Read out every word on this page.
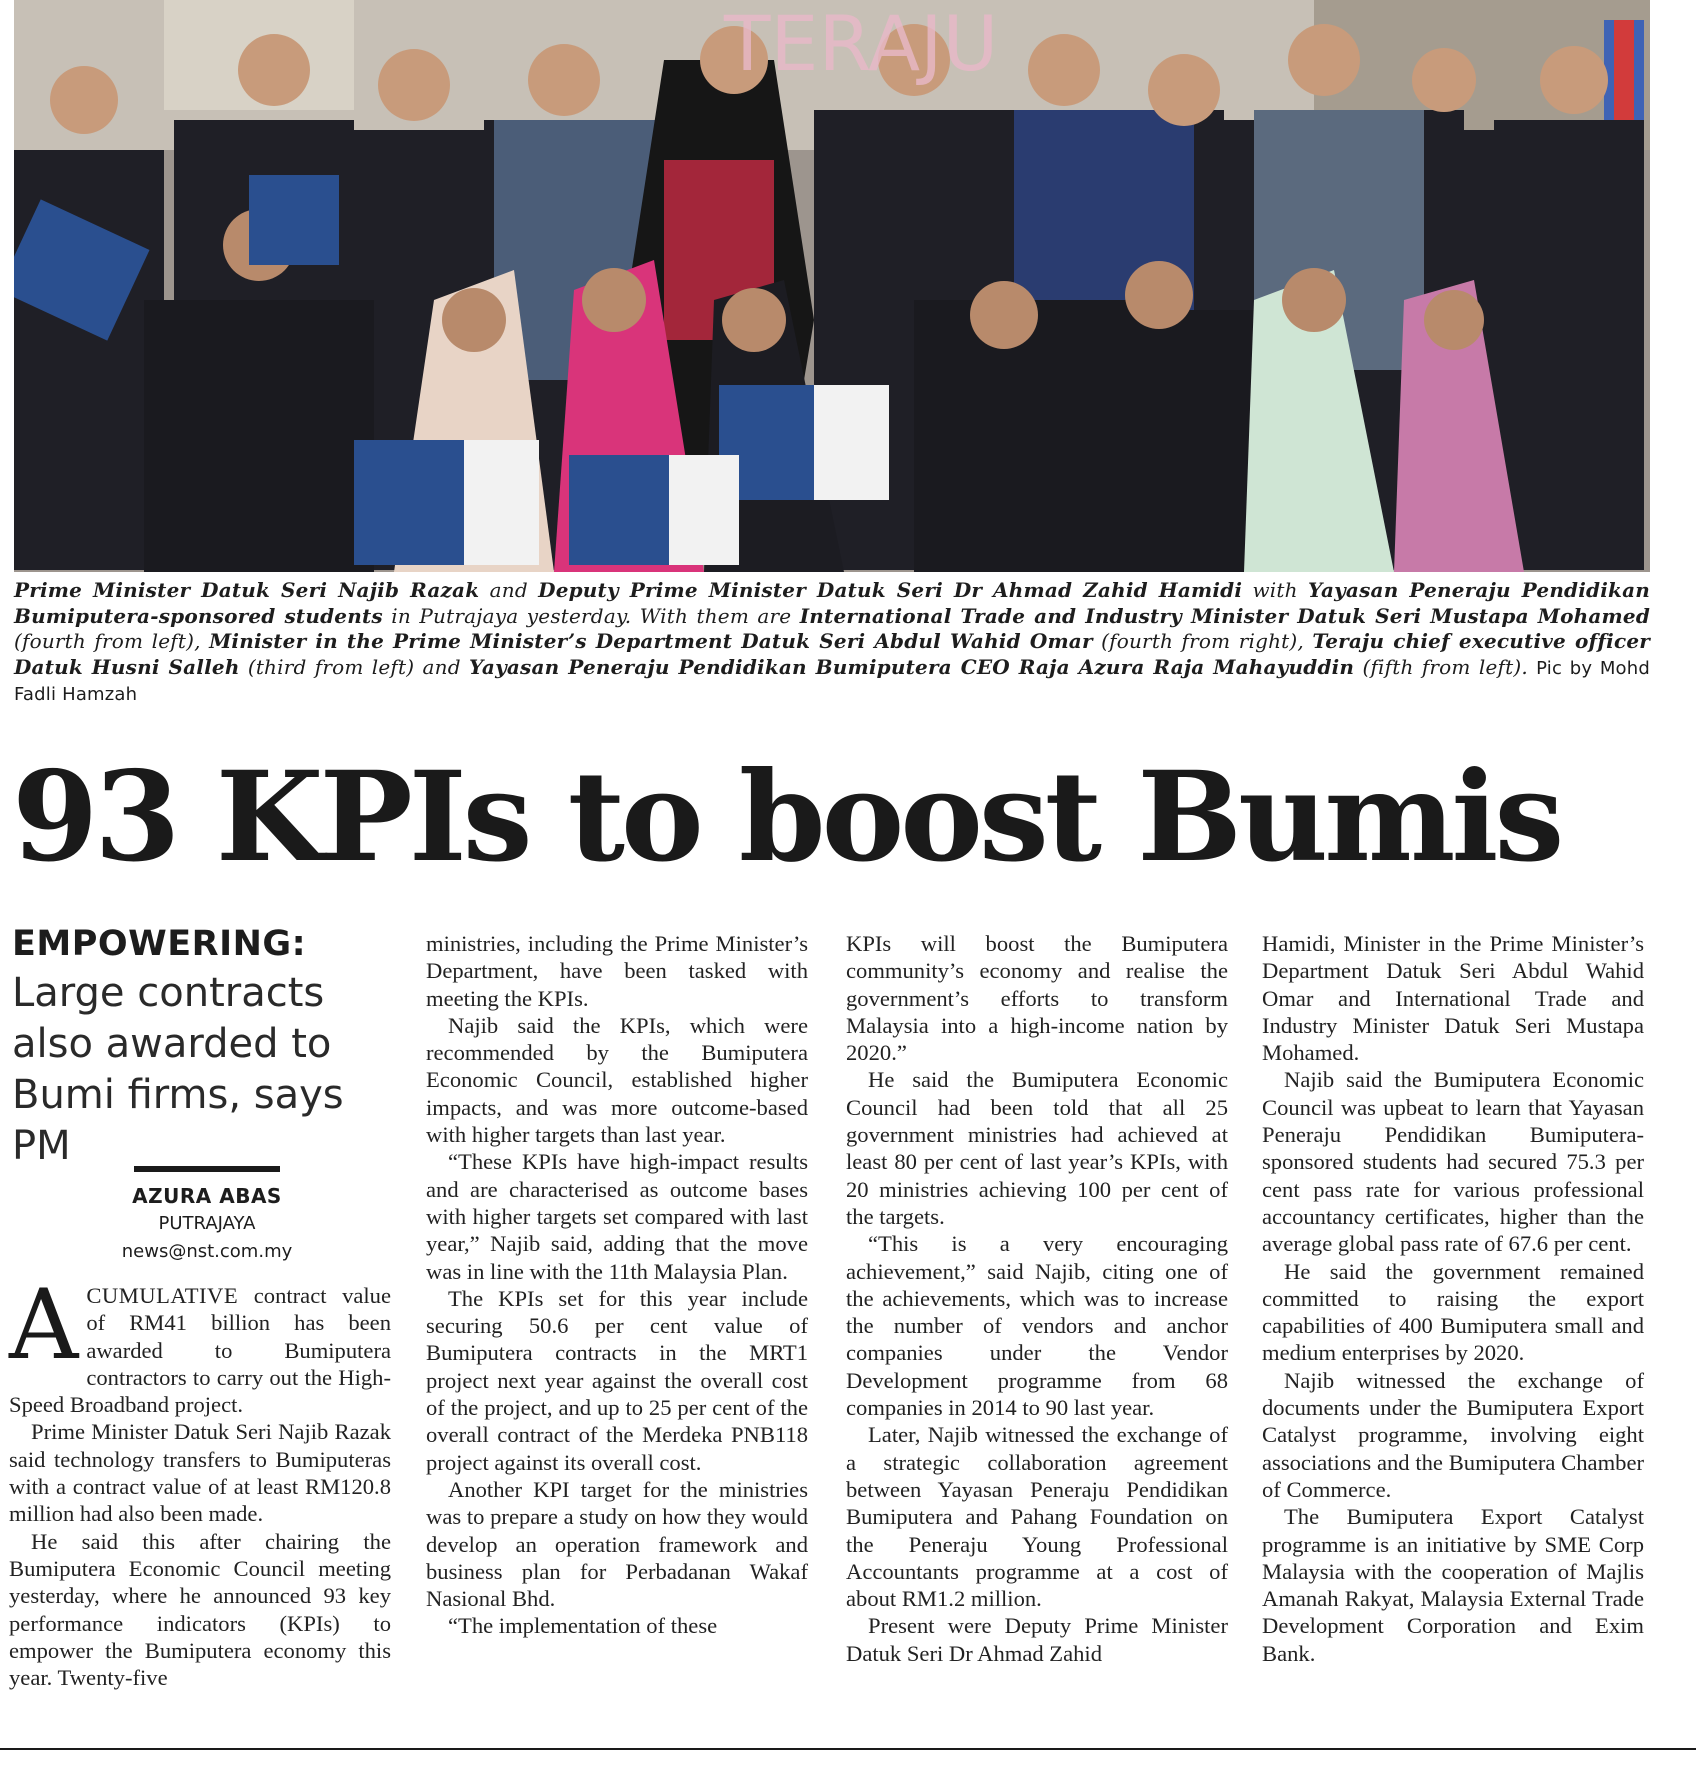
TERAJU
Prime Minister Datuk Seri Najib Razak and Deputy Prime Minister Datuk Seri Dr Ahmad Zahid Hamidi with Yayasan Peneraju Pendidikan Bumiputera-sponsored students in Putrajaya yesterday. With them are International Trade and Industry Minister Datuk Seri Mustapa Mohamed (fourth from left), Minister in the Prime Minister’s Department Datuk Seri Abdul Wahid Omar (fourth from right), Teraju chief executive officer Datuk Husni Salleh (third from left) and Yayasan Peneraju Pendidikan Bumiputera CEO Raja Azura Raja Mahayuddin (fifth from left). Pic by Mohd Fadli Hamzah
93 KPIs to boost Bumis
EMPOWERING:
Large contracts also awarded to Bumi firms, says PM
AZURA ABAS
PUTRAJAYA
news@nst.com.my

ACUMULATIVE contract value of RM41 billion has been awarded to Bumiputera contractors to carry out the High-Speed Broadband project.

Prime Minister Datuk Seri Najib Razak said technology transfers to Bumiputeras with a contract value of at least RM120.8 million had also been made.

He said this after chairing the Bumiputera Economic Council meeting yesterday, where he announced 93 key performance indicators (KPIs) to empower the Bumiputera economy this year. Twenty-five

ministries, including the Prime Minister’s Department, have been tasked with meeting the KPIs.

Najib said the KPIs, which were recommended by the Bumiputera Economic Council, established higher impacts, and was more outcome-based with higher targets than last year.

“These KPIs have high-impact results and are characterised as outcome bases with higher targets set compared with last year,” Najib said, adding that the move was in line with the 11th Malaysia Plan.

The KPIs set for this year include securing 50.6 per cent value of Bumiputera contracts in the MRT1 project next year against the overall cost of the project, and up to 25 per cent of the overall contract of the Merdeka PNB118 project against its overall cost.

Another KPI target for the ministries was to prepare a study on how they would develop an operation framework and business plan for Perbadanan Wakaf Nasional Bhd.

“The implementation of these

KPIs will boost the Bumiputera community’s economy and realise the government’s efforts to transform Malaysia into a high-income nation by 2020.”

He said the Bumiputera Economic Council had been told that all 25 government ministries had achieved at least 80 per cent of last year’s KPIs, with 20 ministries achieving 100 per cent of the targets.

“This is a very encouraging achievement,” said Najib, citing one of the achievements, which was to increase the number of vendors and anchor companies under the Vendor Development programme from 68 companies in 2014 to 90 last year.

Later, Najib witnessed the exchange of a strategic collaboration agreement between Yayasan Peneraju Pendidikan Bumiputera and Pahang Foundation on the Peneraju Young Professional Accountants programme at a cost of about RM1.2 million.

Present were Deputy Prime Minister Datuk Seri Dr Ahmad Zahid

Hamidi, Minister in the Prime Minister’s Department Datuk Seri Abdul Wahid Omar and International Trade and Industry Minister Datuk Seri Mustapa Mohamed.

Najib said the Bumiputera Economic Council was upbeat to learn that Yayasan Peneraju Pendidikan Bumiputera-sponsored students had secured 75.3 per cent pass rate for various professional accountancy certificates, higher than the average global pass rate of 67.6 per cent.

He said the government remained committed to raising the export capabilities of 400 Bumiputera small and medium enterprises by 2020.

Najib witnessed the exchange of documents under the Bumiputera Export Catalyst programme, involving eight associations and the Bumiputera Chamber of Commerce.

The Bumiputera Export Catalyst programme is an initiative by SME Corp Malaysia with the cooperation of Majlis Amanah Rakyat, Malaysia External Trade Development Corporation and Exim Bank.
